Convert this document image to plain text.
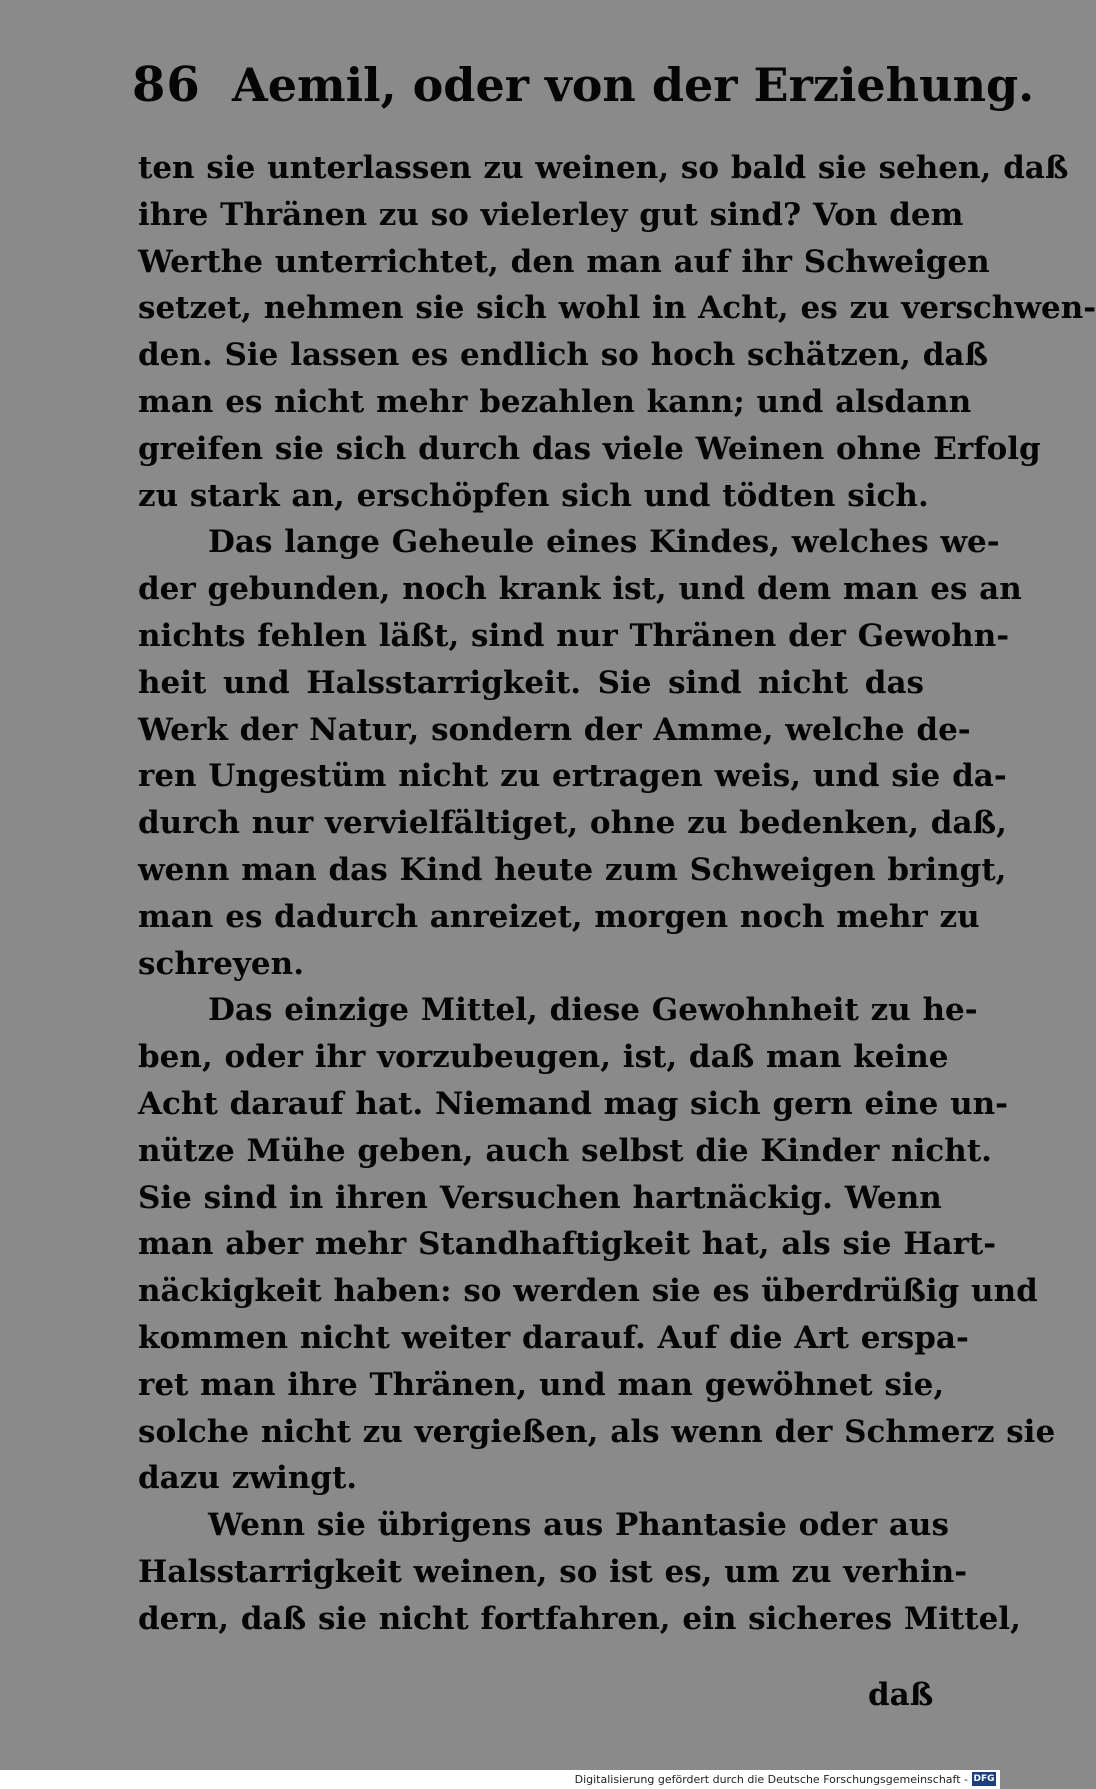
86 Aemil, oder von der Erziehung.
ten sie unterlassen zu weinen, so bald sie sehen, daß
ihre Thränen zu so vielerley gut sind? Von dem
Werthe unterrichtet, den man auf ihr Schweigen
setzet, nehmen sie sich wohl in Acht, es zu verschwen-
den. Sie lassen es endlich so hoch schätzen, daß
man es nicht mehr bezahlen kann; und alsdann
greifen sie sich durch das viele Weinen ohne Erfolg
zu stark an, erschöpfen sich und tödten sich.
Das lange Geheule eines Kindes, welches we-
der gebunden, noch krank ist, und dem man es an
nichts fehlen läßt, sind nur Thränen der Gewohn-
heit und Halsstarrigkeit. Sie sind nicht das
Werk der Natur, sondern der Amme, welche de-
ren Ungestüm nicht zu ertragen weis, und sie da-
durch nur vervielfältiget, ohne zu bedenken, daß,
wenn man das Kind heute zum Schweigen bringt,
man es dadurch anreizet, morgen noch mehr zu
schreyen.
Das einzige Mittel, diese Gewohnheit zu he-
ben, oder ihr vorzubeugen, ist, daß man keine
Acht darauf hat. Niemand mag sich gern eine un-
nütze Mühe geben, auch selbst die Kinder nicht.
Sie sind in ihren Versuchen hartnäckig. Wenn
man aber mehr Standhaftigkeit hat, als sie Hart-
näckigkeit haben: so werden sie es überdrüßig und
kommen nicht weiter darauf. Auf die Art erspa-
ret man ihre Thränen, und man gewöhnet sie,
solche nicht zu vergießen, als wenn der Schmerz sie
dazu zwingt.
Wenn sie übrigens aus Phantasie oder aus
Halsstarrigkeit weinen, so ist es, um zu verhin-
dern, daß sie nicht fortfahren, ein sicheres Mittel,
daß
Digitalisierung gefördert durch die Deutsche Forschungsgemeinschaft - DFG
